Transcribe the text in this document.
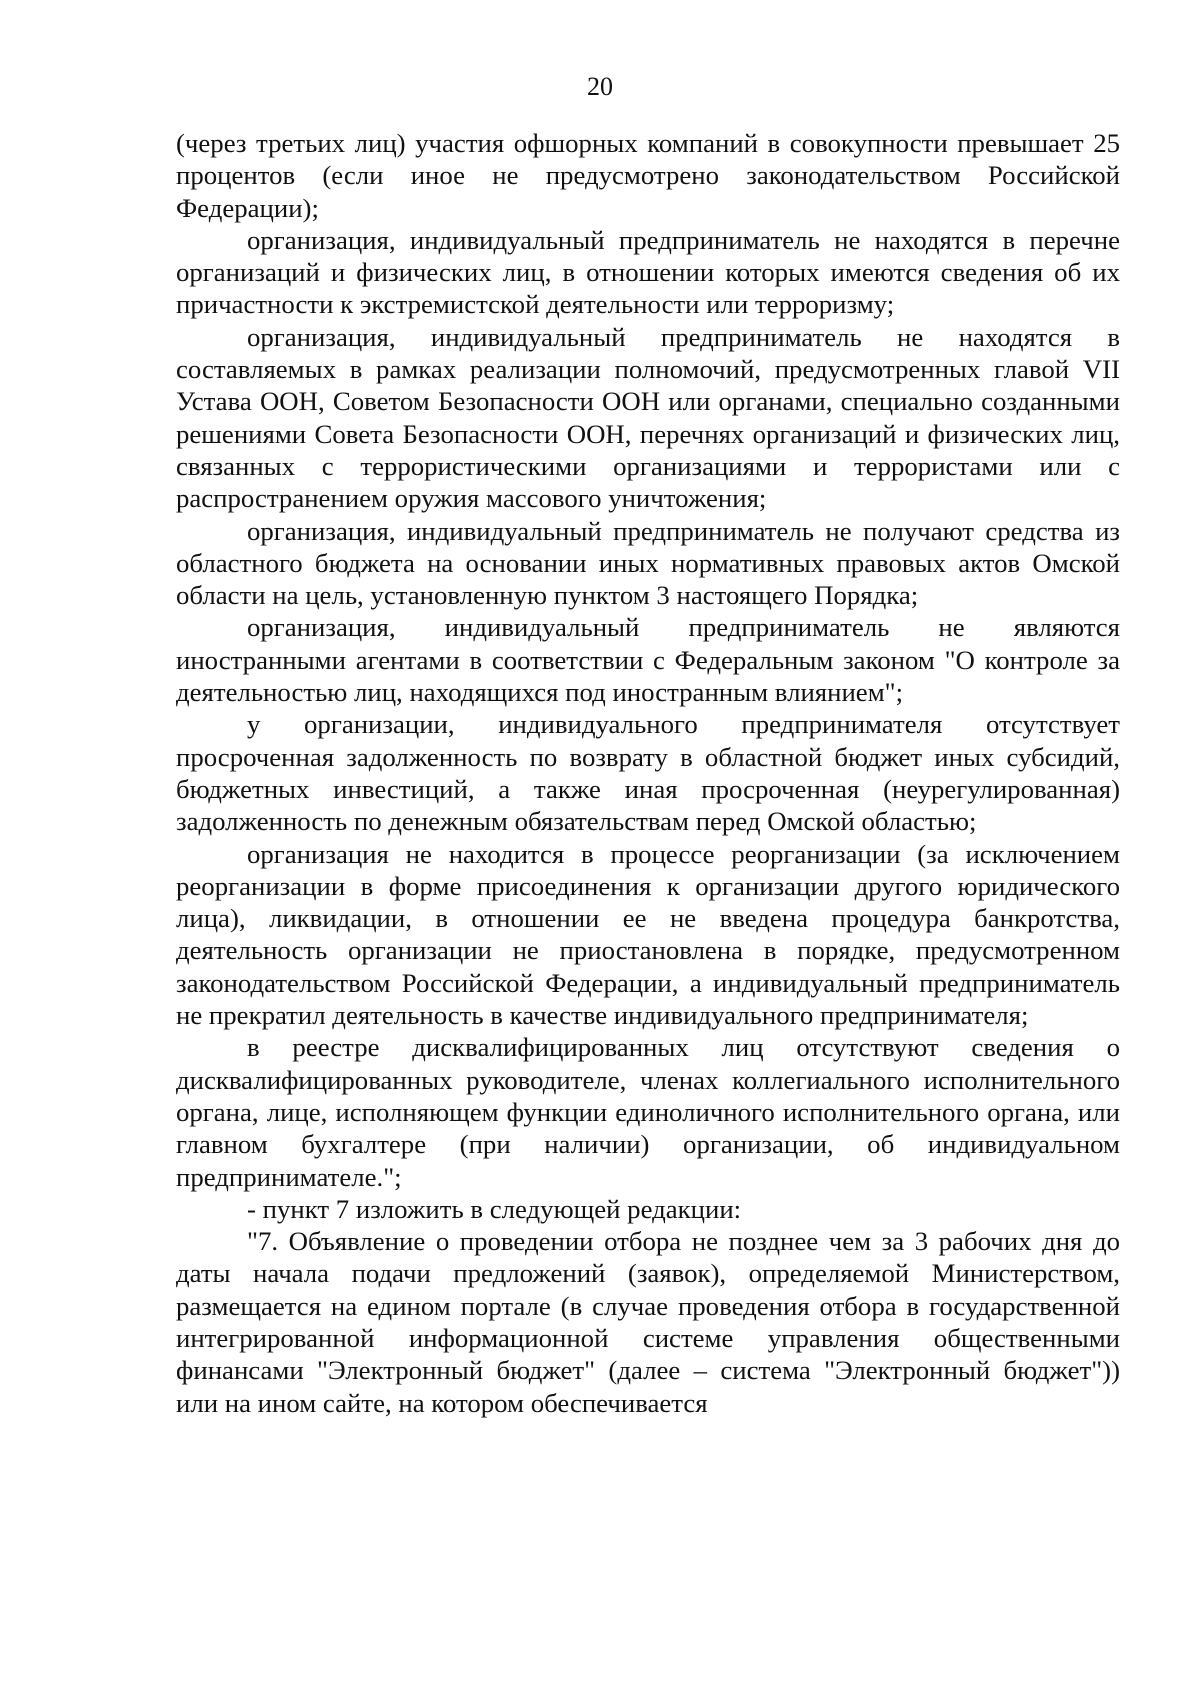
20

(через третьих лиц) участия офшорных компаний в совокупности превышает 25 процентов (если иное не предусмотрено законодательством Российской Федерации);

организация, индивидуальный предприниматель не находятся в перечне организаций и физических лиц, в отношении которых имеются сведения об их причастности к экстремистской деятельности или терроризму;

организация, индивидуальный предприниматель не находятся в составляемых в рамках реализации полномочий, предусмотренных главой VII Устава ООН, Советом Безопасности ООН или органами, специально созданными решениями Совета Безопасности ООН, перечнях организаций и физических лиц, связанных с террористическими организациями и террористами или с распространением оружия массового уничтожения;

организация, индивидуальный предприниматель не получают средства из областного бюджета на основании иных нормативных правовых актов Омской области на цель, установленную пунктом 3 настоящего Порядка;

организация, индивидуальный предприниматель не являются иностранными агентами в соответствии с Федеральным законом "О контроле за деятельностью лиц, находящихся под иностранным влиянием";

у организации, индивидуального предпринимателя отсутствует просроченная задолженность по возврату в областной бюджет иных субсидий, бюджетных инвестиций, а также иная просроченная (неурегулированная) задолженность по денежным обязательствам перед Омской областью;

организация не находится в процессе реорганизации (за исключением реорганизации в форме присоединения к организации другого юридического лица), ликвидации, в отношении ее не введена процедура банкротства, деятельность организации не приостановлена в порядке, предусмотренном законодательством Российской Федерации, а индивидуальный предприниматель не прекратил деятельность в качестве индивидуального предпринимателя;

в реестре дисквалифицированных лиц отсутствуют сведения о дисквалифицированных руководителе, членах коллегиального исполнительного органа, лице, исполняющем функции единоличного исполнительного органа, или главном бухгалтере (при наличии) организации, об индивидуальном предпринимателе.";

- пункт 7 изложить в следующей редакции:

"7. Объявление о проведении отбора не позднее чем за 3 рабочих дня до даты начала подачи предложений (заявок), определяемой Министерством, размещается на едином портале (в случае проведения отбора в государственной интегрированной информационной системе управления общественными финансами "Электронный бюджет" (далее – система "Электронный бюджет")) или на ином сайте, на котором обеспечивается
